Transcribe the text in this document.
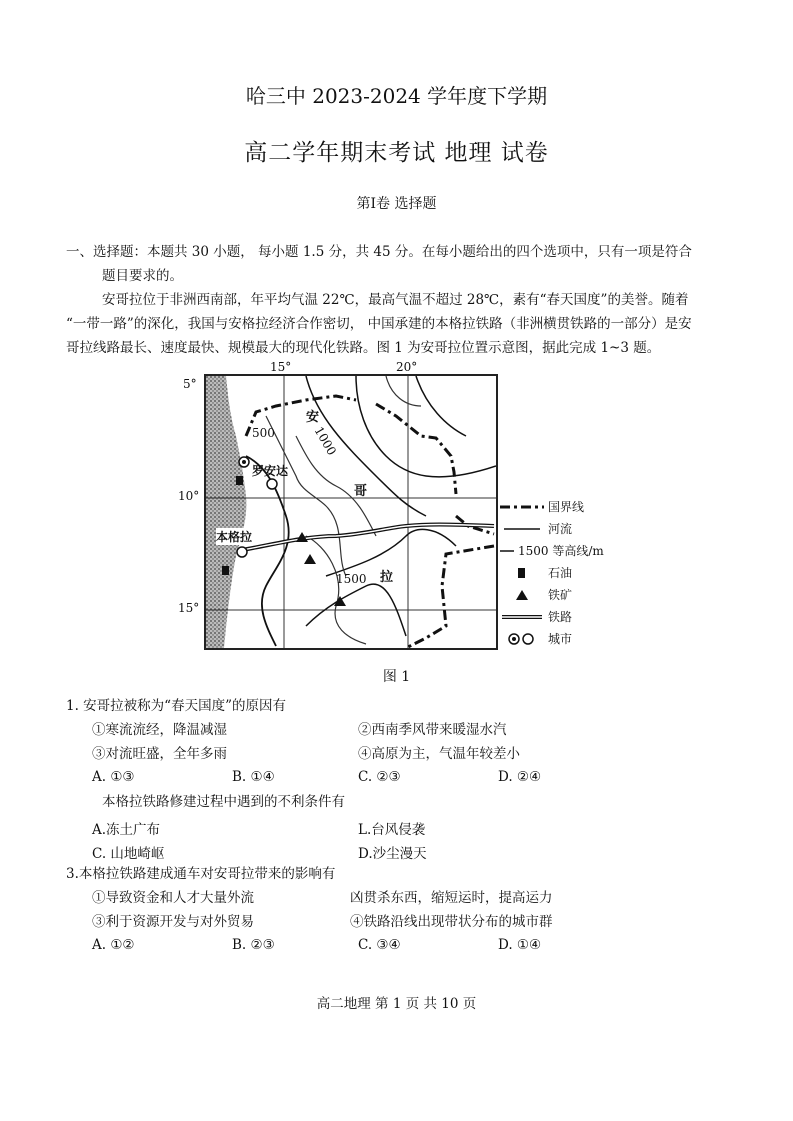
哈三中 2023-2024 学年度下学期
高二学年期末考试 地理 试卷
第Ⅰ卷 选择题
一、选择题：本题共 30 小题， 每小题 1.5 分，共 45 分。在每小题给出的四个选项中，只有一项是符合
题目要求的。
安哥拉位于非洲西南部，年平均气温 22℃，最高气温不超过 28℃，素有“春天国度”的美誉。随着
“一带一路”的深化，我国与安格拉经济合作密切， 中国承建的本格拉铁路（非洲横贯铁路的一部分）是安
哥拉线路最长、速度最快、规模最大的现代化铁路。图 1 为安哥拉位置示意图，据此完成 1~3 题。
15°	20°
5°
10°
15°
500	1000
1500
安
哥
拉
罗安达
本格拉
国界线
河流
1500 等高线/m
石油
铁矿
铁路
城市
图 1
1. 安哥拉被称为“春天国度”的原因有
①寒流流经，降温减湿	②西南季风带来暖湿水汽
③对流旺盛，全年多雨	④高原为主，气温年较差小
A. ①③	B. ①④	C. ②③	D. ②④
本格拉铁路修建过程中遇到的不利条件有
A.冻土广布	L.台风侵袭
C. 山地崎岖	D.沙尘漫天
3.本格拉铁路建成通车对安哥拉带来的影响有
①导致资金和人才大量外流	凶贯杀东西，缩短运时，提高运力
③利于资源开发与对外贸易	④铁路沿线出现带状分布的城市群
A. ①②	B. ②③	C. ③④	D. ①④
高二地理 第 1 页 共 10 页
